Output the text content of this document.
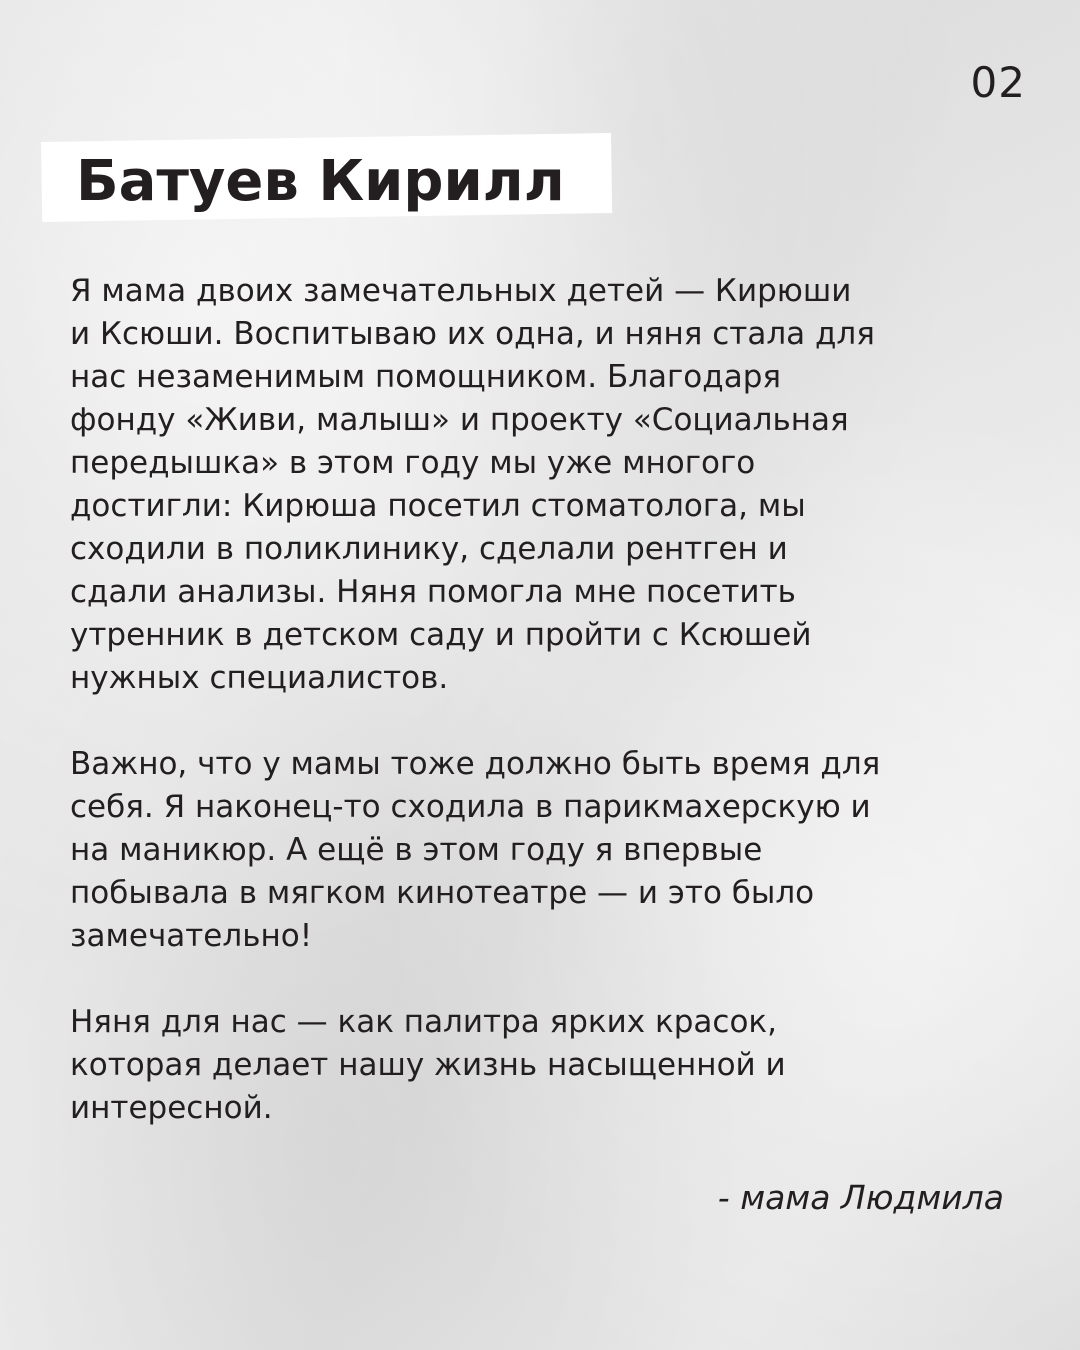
02
Батуев Кирилл
Я мама двоих замечательных детей — Кирюши
и Ксюши. Воспитываю их одна, и няня стала для
нас незаменимым помощником. Благодаря
фонду «Живи, малыш» и проекту «Социальная
передышка» в этом году мы уже многого
достигли: Кирюша посетил стоматолога, мы
сходили в поликлинику, сделали рентген и
сдали анализы. Няня помогла мне посетить
утренник в детском саду и пройти с Ксюшей
нужных специалистов.
Важно, что у мамы тоже должно быть время для
себя. Я наконец-то сходила в парикмахерскую и
на маникюр. А ещё в этом году я впервые
побывала в мягком кинотеатре — и это было
замечательно!
Няня для нас — как палитра ярких красок,
которая делает нашу жизнь насыщенной и
интересной.
- мама Людмила
